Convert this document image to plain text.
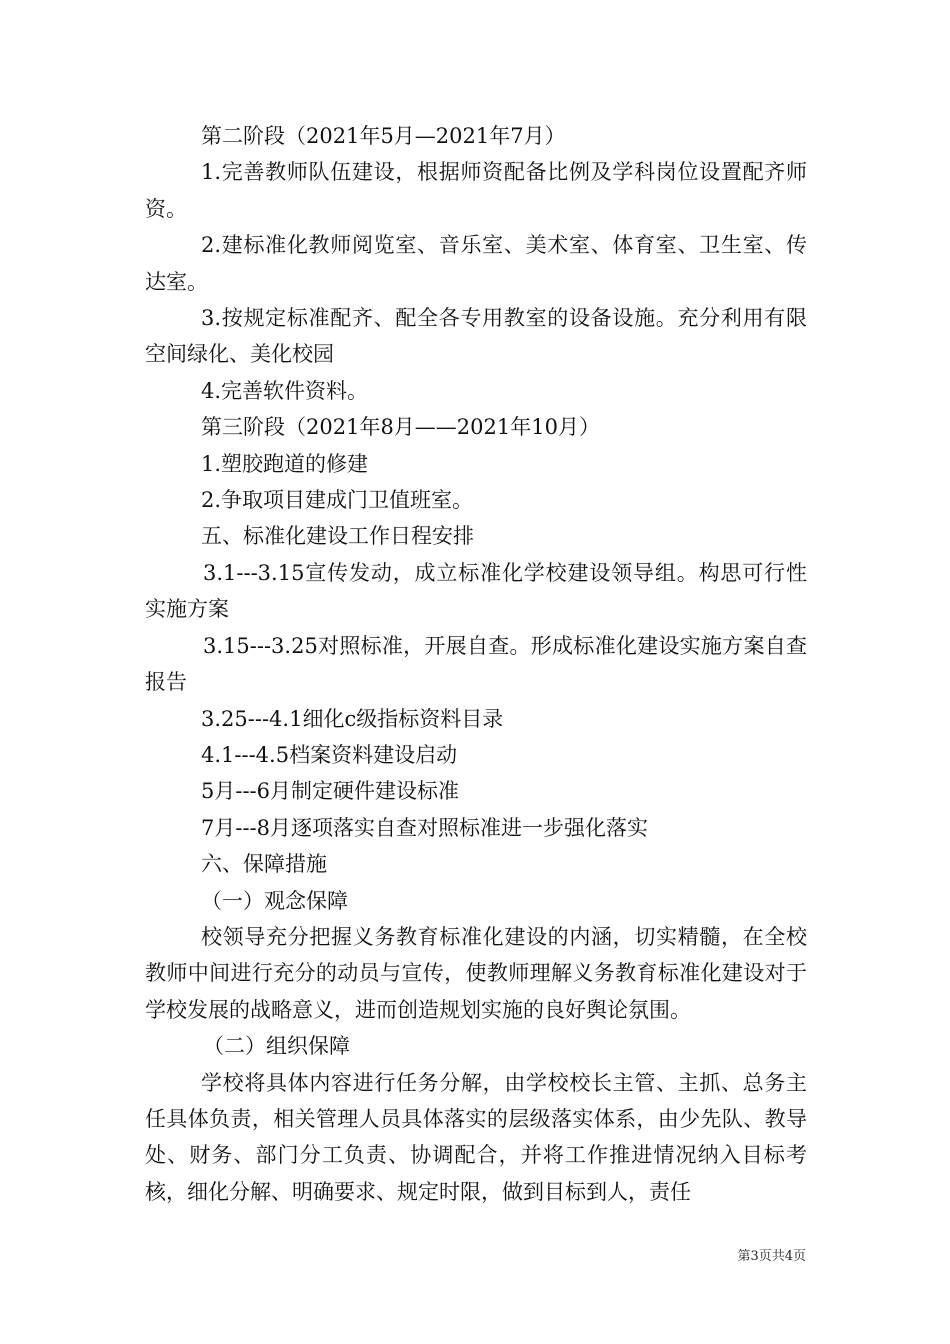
第二阶段（2021年5月—2021年7月）

1.完善教师队伍建设，根据师资配备比例及学科岗位设置配齐师资。

2.建标准化教师阅览室、音乐室、美术室、体育室、卫生室、传达室。

3.按规定标准配齐、配全各专用教室的设备设施。充分利用有限空间绿化、美化校园

4.完善软件资料。

第三阶段（2021年8月——2021年10月）

1.塑胶跑道的修建

2.争取项目建成门卫值班室。

五、标准化建设工作日程安排

3.1---3.15宣传发动，成立标准化学校建设领导组。构思可行性实施方案

3.15---3.25对照标准，开展自查。形成标准化建设实施方案自查报告

3.25---4.1细化c级指标资料目录

4.1---4.5档案资料建设启动

5月---6月制定硬件建设标准

7月---8月逐项落实自查对照标准进一步强化落实

六、保障措施

（一）观念保障

校领导充分把握义务教育标准化建设的内涵，切实精髓，在全校教师中间进行充分的动员与宣传，使教师理解义务教育标准化建设对于学校发展的战略意义，进而创造规划实施的良好舆论氛围。

（二）组织保障

学校将具体内容进行任务分解，由学校校长主管、主抓、总务主任具体负责，相关管理人员具体落实的层级落实体系，由少先队、教导处、财务、部门分工负责、协调配合，并将工作推进情况纳入目标考核，细化分解、明确要求、规定时限，做到目标到人，责任

第3页共4页
